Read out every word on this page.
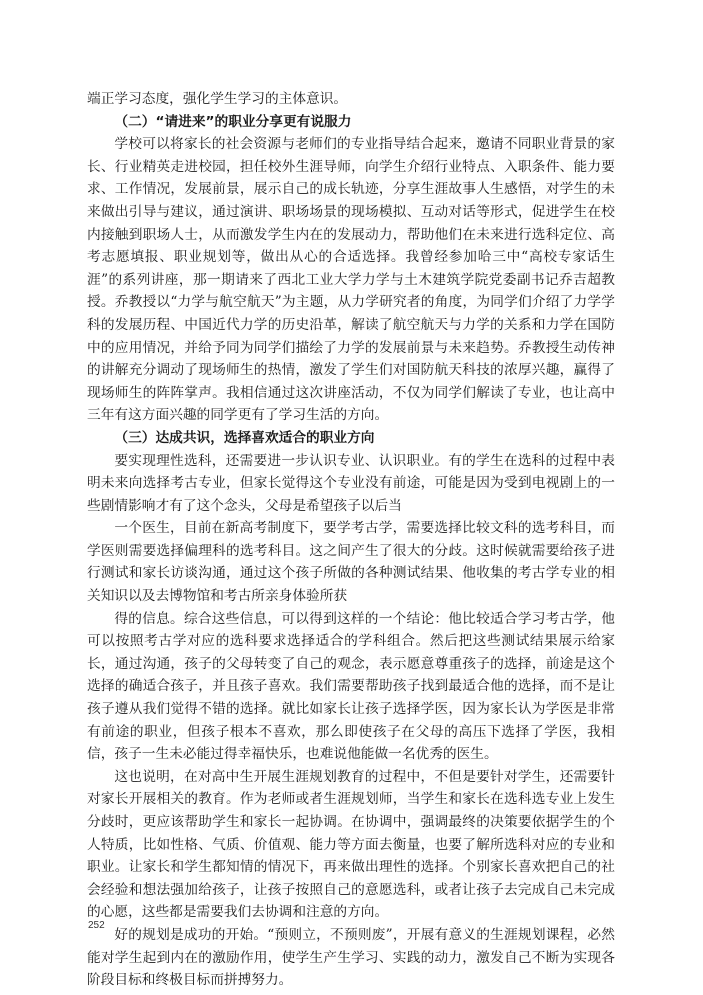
端正学习态度，强化学生学习的主体意识。

（二）“请进来”的职业分享更有说服力

学校可以将家长的社会资源与老师们的专业指导结合起来，邀请不同职业背景的家长、行业精英走进校园，担任校外生涯导师，向学生介绍行业特点、入职条件、能力要求、工作情况，发展前景，展示自己的成长轨迹，分享生涯故事人生感悟，对学生的未来做出引导与建议，通过演讲、职场场景的现场模拟、互动对话等形式，促进学生在校内接触到职场人士，从而激发学生内在的发展动力，帮助他们在未来进行选科定位、高考志愿填报、职业规划等，做出从心的合适选择。我曾经参加哈三中“高校专家话生涯”的系列讲座，那一期请来了西北工业大学力学与土木建筑学院党委副书记乔吉超教授。乔教授以“力学与航空航天”为主题，从力学研究者的角度，为同学们介绍了力学学科的发展历程、中国近代力学的历史沿革，解读了航空航天与力学的关系和力学在国防中的应用情况，并给予同为同学们描绘了力学的发展前景与未来趋势。乔教授生动传神的讲解充分调动了现场师生的热情，激发了学生们对国防航天科技的浓厚兴趣，赢得了现场师生的阵阵掌声。我相信通过这次讲座活动，不仅为同学们解读了专业，也让高中三年有这方面兴趣的同学更有了学习生活的方向。

（三）达成共识，选择喜欢适合的职业方向

要实现理性选科，还需要进一步认识专业、认识职业。有的学生在选科的过程中表明未来向选择考古专业，但家长觉得这个专业没有前途，可能是因为受到电视剧上的一些剧情影响才有了这个念头，父母是希望孩子以后当

一个医生，目前在新高考制度下，要学考古学，需要选择比较文科的选考科目，而学医则需要选择偏理科的选考科目。这之间产生了很大的分歧。这时候就需要给孩子进行测试和家长访谈沟通，通过这个孩子所做的各种测试结果、他收集的考古学专业的相关知识以及去博物馆和考古所亲身体验所获

得的信息。综合这些信息，可以得到这样的一个结论：他比较适合学习考古学，他可以按照考古学对应的选科要求选择适合的学科组合。然后把这些测试结果展示给家长，通过沟通，孩子的父母转变了自己的观念，表示愿意尊重孩子的选择，前途是这个选择的确适合孩子，并且孩子喜欢。我们需要帮助孩子找到最适合他的选择，而不是让孩子遵从我们觉得不错的选择。就比如家长让孩子选择学医，因为家长认为学医是非常有前途的职业，但孩子根本不喜欢，那么即使孩子在父母的高压下选择了学医，我相信，孩子一生未必能过得幸福快乐，也难说他能做一名优秀的医生。

这也说明，在对高中生开展生涯规划教育的过程中，不但是要针对学生，还需要针对家长开展相关的教育。作为老师或者生涯规划师，当学生和家长在选科选专业上发生分歧时，更应该帮助学生和家长一起协调。在协调中，强调最终的决策要依据学生的个人特质，比如性格、气质、价值观、能力等方面去衡量，也要了解所选科对应的专业和职业。让家长和学生都知情的情况下，再来做出理性的选择。个别家长喜欢把自己的社会经验和想法强加给孩子，让孩子按照自己的意愿选科，或者让孩子去完成自己未完成的心愿，这些都是需要我们去协调和注意的方向。

好的规划是成功的开始。“预则立，不预则废”，开展有意义的生涯规划课程，必然能对学生起到内在的激励作用，使学生产生学习、实践的动力，激发自己不断为实现各阶段目标和终极目标而拼搏努力。

252
